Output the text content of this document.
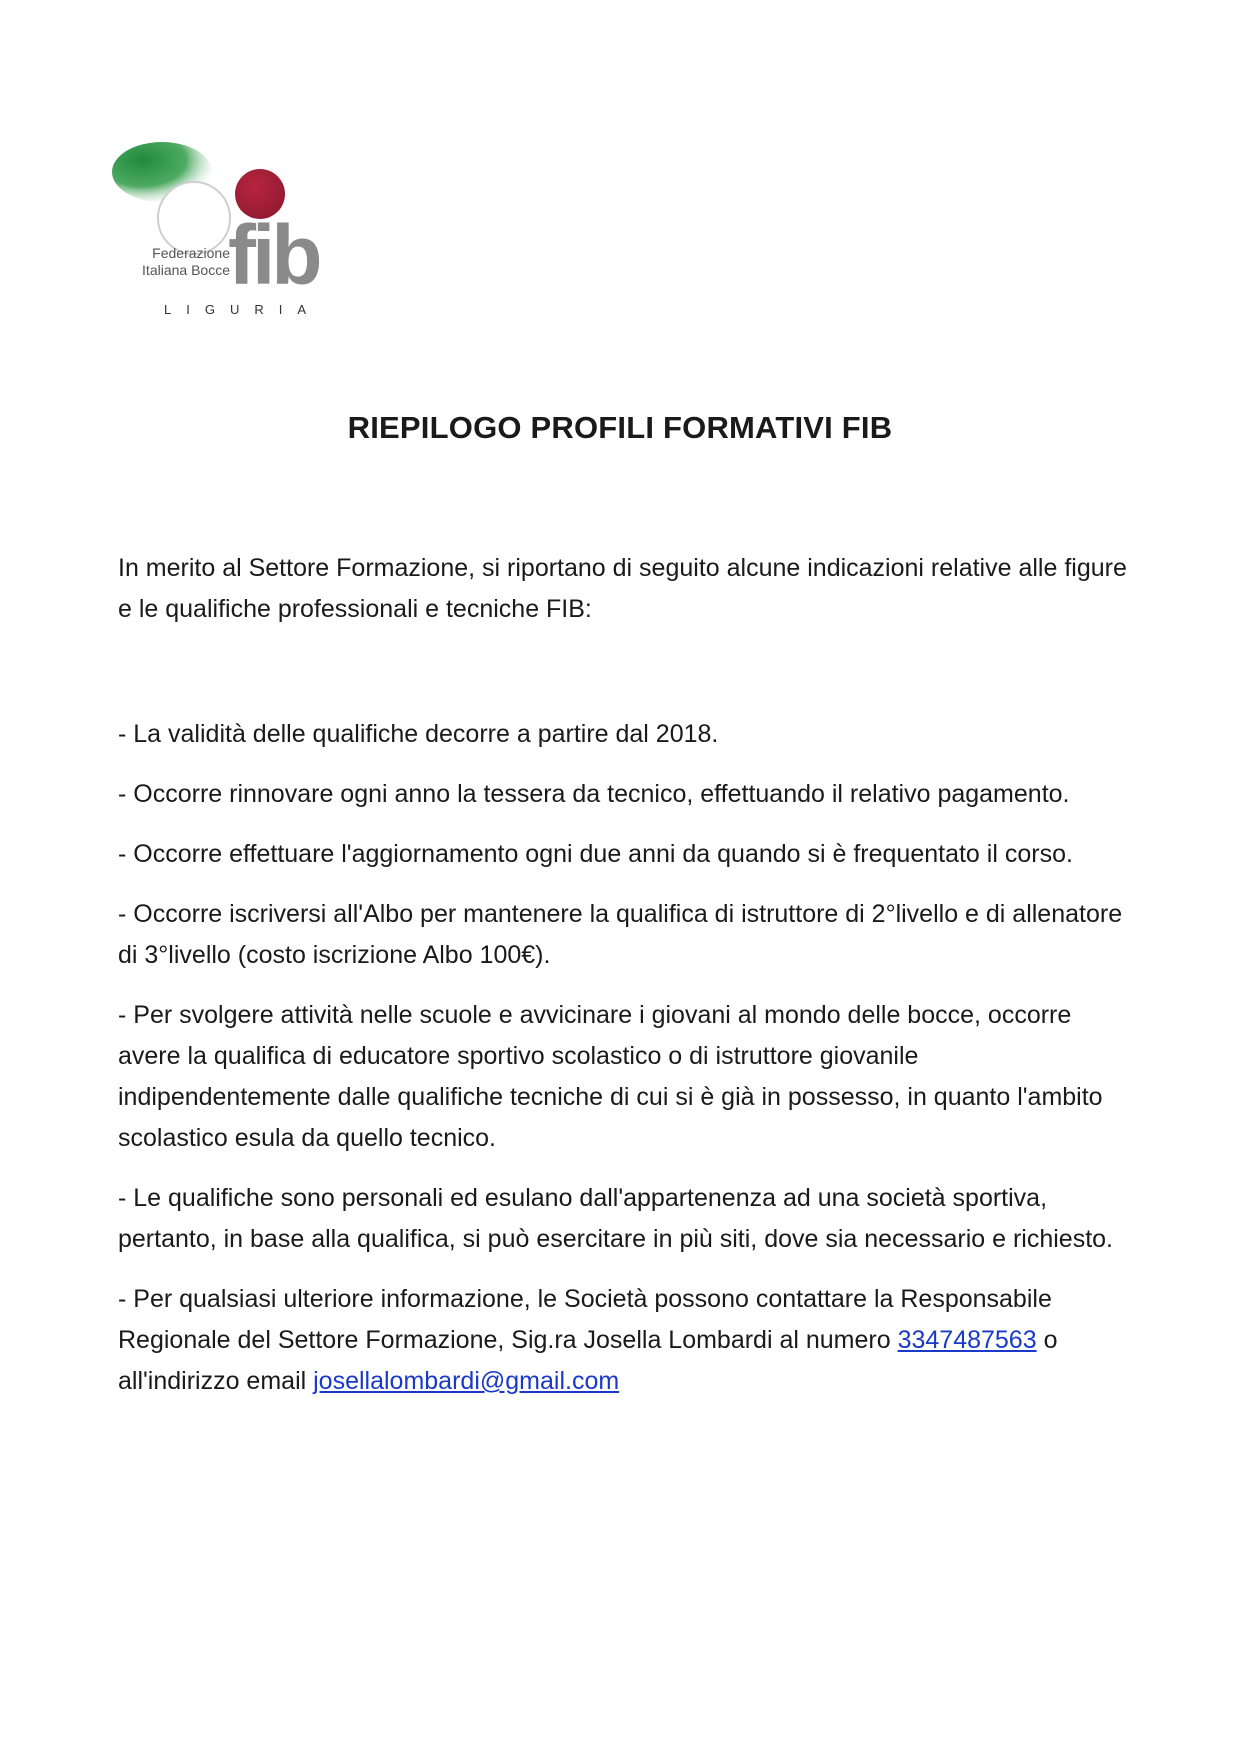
fib
Federazione
Italiana Bocce
LIGURIA
RIEPILOGO PROFILI FORMATIVI FIB

In merito al Settore Formazione, si riportano di seguito alcune indicazioni relative alle figure e le qualifiche professionali e tecniche FIB:

- La validità delle qualifiche decorre a partire dal 2018.

- Occorre rinnovare ogni anno la tessera da tecnico, effettuando il relativo pagamento.

- Occorre effettuare l'aggiornamento ogni due anni da quando si è frequentato il corso.

- Occorre iscriversi all'Albo per mantenere la qualifica di istruttore di 2°livello e di allenatore di 3°livello (costo iscrizione Albo 100€).

- Per svolgere attività nelle scuole e avvicinare i giovani al mondo delle bocce, occorre avere la qualifica di educatore sportivo scolastico o di istruttore giovanile indipendentemente dalle qualifiche tecniche di cui si è già in possesso, in quanto l'ambito scolastico esula da quello tecnico.

- Le qualifiche sono personali ed esulano dall'appartenenza ad una società sportiva, pertanto, in base alla qualifica, si può esercitare in più siti, dove sia necessario e richiesto.

- Per qualsiasi ulteriore informazione, le Società possono contattare la Responsabile Regionale del Settore Formazione, Sig.ra Josella Lombardi al numero 3347487563 o all'indirizzo email josellalombardi@gmail.com
